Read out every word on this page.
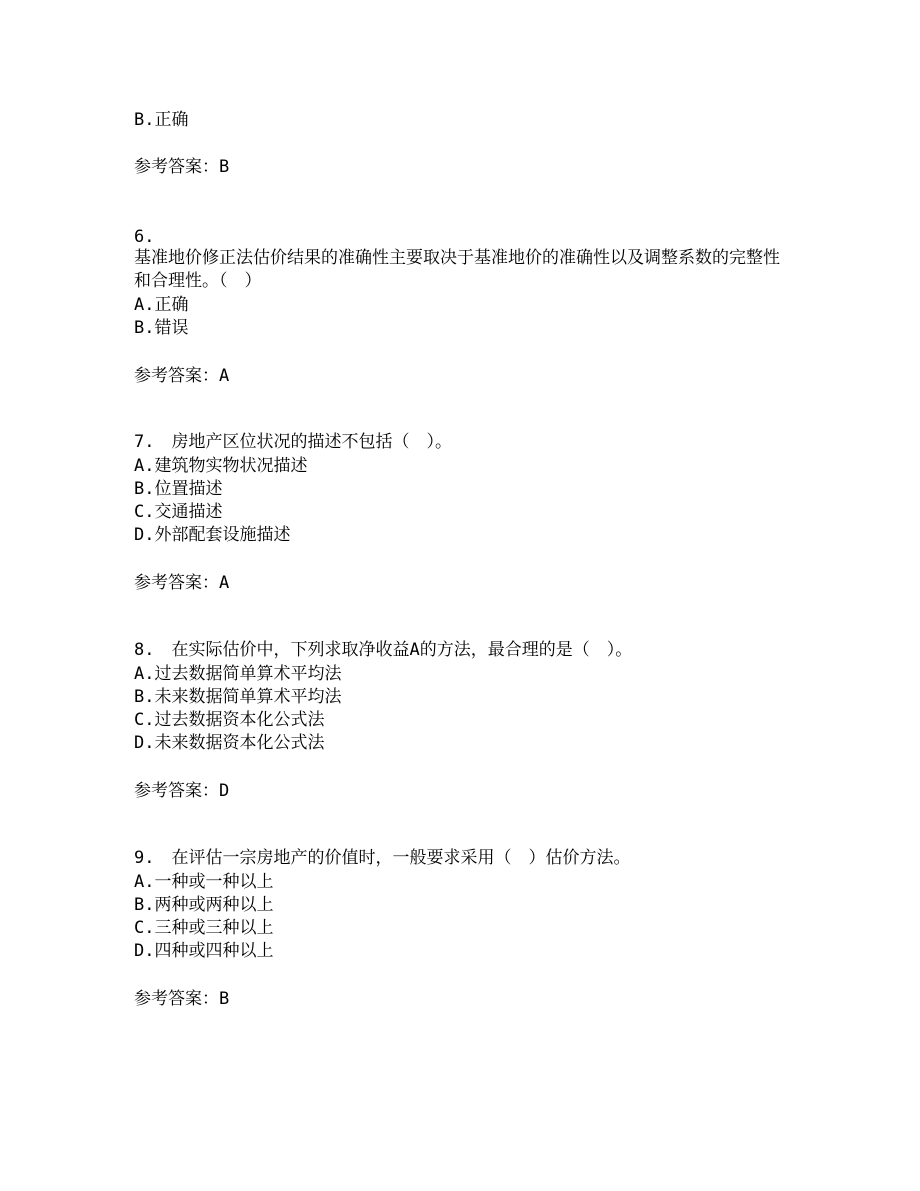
B.正确
参考答案：B
6.
基准地价修正法估价结果的准确性主要取决于基准地价的准确性以及调整系数的完整性和合理性。（　）
A.正确
B.错误
参考答案：A
7.　房地产区位状况的描述不包括（　）。
A.建筑物实物状况描述
B.位置描述
C.交通描述
D.外部配套设施描述
参考答案：A
8.　在实际估价中，下列求取净收益A的方法，最合理的是（　）。
A.过去数据简单算术平均法
B.未来数据简单算术平均法
C.过去数据资本化公式法
D.未来数据资本化公式法
参考答案：D
9.　在评估一宗房地产的价值时，一般要求采用（　）估价方法。
A.一种或一种以上
B.两种或两种以上
C.三种或三种以上
D.四种或四种以上
参考答案：B
